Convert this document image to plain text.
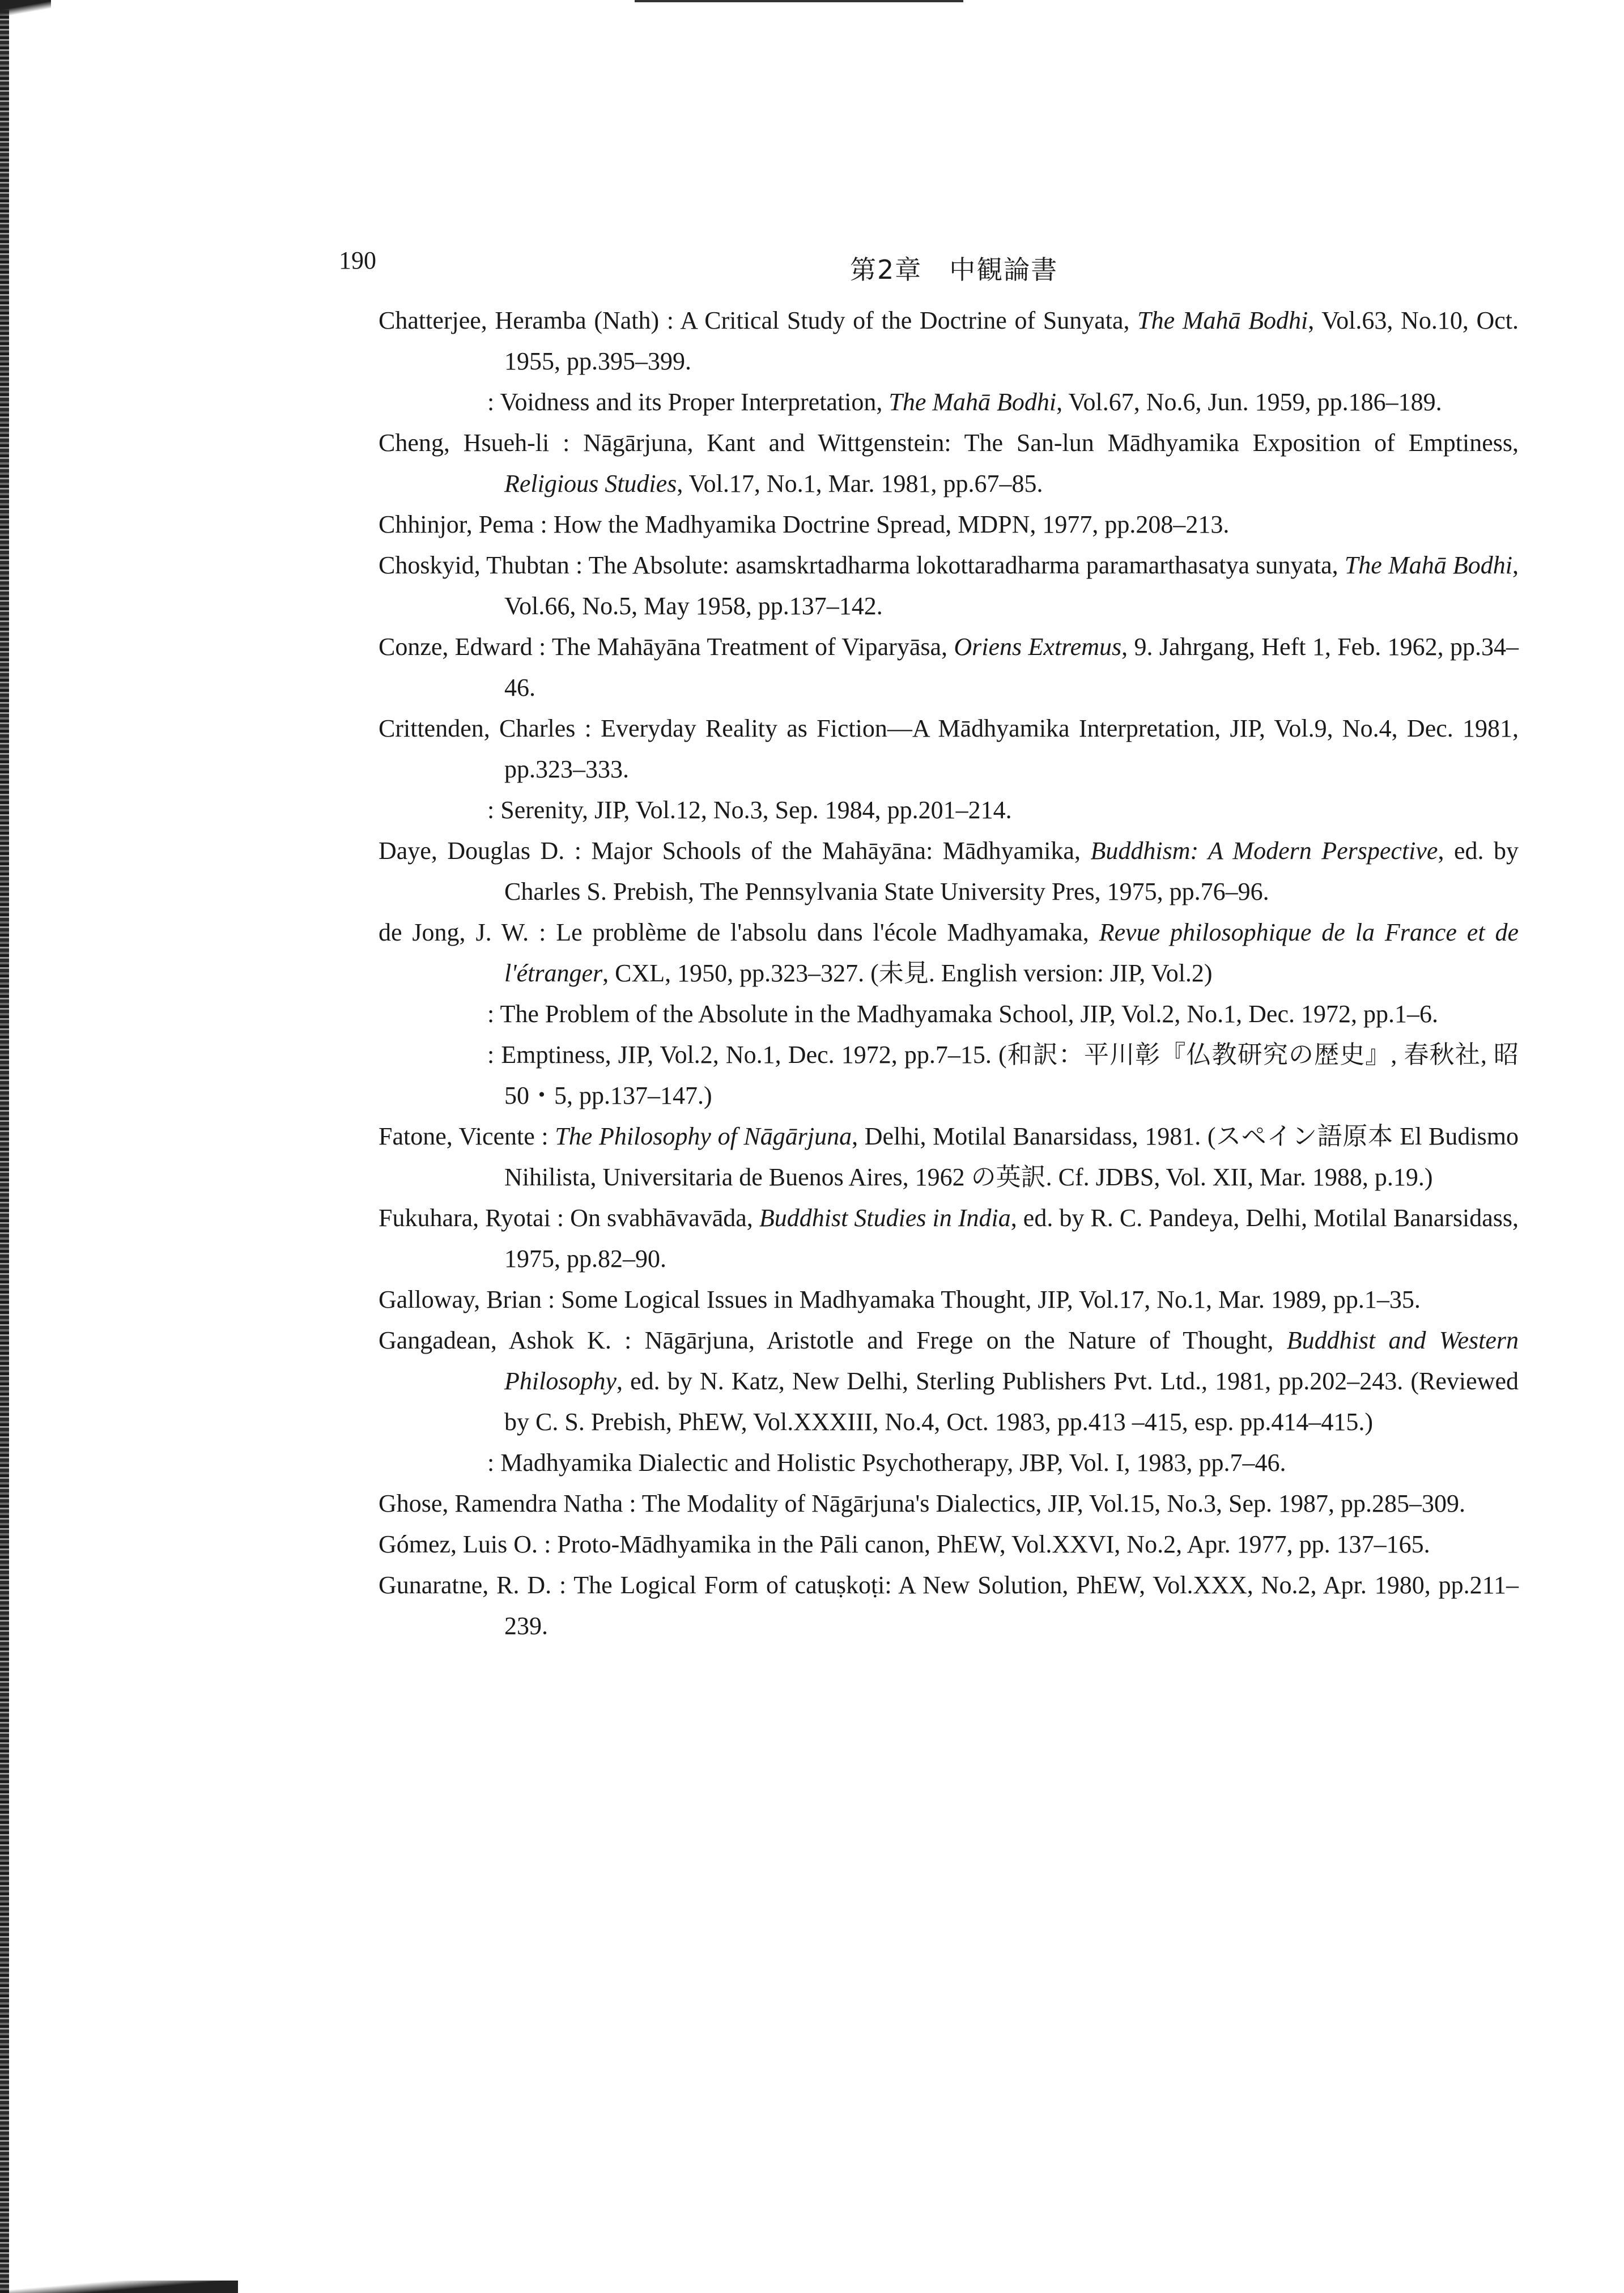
190	第2章　中観論書
Chatterjee, Heramba (Nath) : A Critical Study of the Doctrine of Sunyata, The Mahā Bodhi, Vol.63, No.10, Oct. 1955, pp.395–399.
: Voidness and its Proper Interpretation, The Mahā Bodhi, Vol.67, No.6, Jun. 1959, pp.186–189.
Cheng, Hsueh-li : Nāgārjuna, Kant and Wittgenstein: The San-lun Mādhyamika Exposition of Emptiness, Religious Studies, Vol.17, No.1, Mar. 1981, pp.67–85.
Chhinjor, Pema : How the Madhyamika Doctrine Spread, MDPN, 1977, pp.208–213.
Choskyid, Thubtan : The Absolute: asamskrtadharma lokottaradharma paramarthasatya sunyata, The Mahā Bodhi, Vol.66, No.5, May 1958, pp.137–142.
Conze, Edward : The Mahāyāna Treatment of Viparyāsa, Oriens Extremus, 9. Jahrgang, Heft 1, Feb. 1962, pp.34–46.
Crittenden, Charles : Everyday Reality as Fiction—A Mādhyamika Interpretation, JIP, Vol.9, No.4, Dec. 1981, pp.323–333.
: Serenity, JIP, Vol.12, No.3, Sep. 1984, pp.201–214.
Daye, Douglas D. : Major Schools of the Mahāyāna: Mādhyamika, Buddhism: A Modern Perspective, ed. by Charles S. Prebish, The Pennsylvania State University Pres, 1975, pp.76–96.
de Jong, J. W. : Le problème de l'absolu dans l'école Madhyamaka, Revue philosophique de la France et de l'étranger, CXL, 1950, pp.323–327. (未見. English version: JIP, Vol.2)
: The Problem of the Absolute in the Madhyamaka School, JIP, Vol.2, No.1, Dec. 1972, pp.1–6.
: Emptiness, JIP, Vol.2, No.1, Dec. 1972, pp.7–15. (和訳：平川彰『仏教研究の歴史』, 春秋社, 昭50・5, pp.137–147.)
Fatone, Vicente : The Philosophy of Nāgārjuna, Delhi, Motilal Banarsidass, 1981. (スペイン語原本 El Budismo Nihilista, Universitaria de Buenos Aires, 1962 の英訳. Cf. JDBS, Vol. XII, Mar. 1988, p.19.)
Fukuhara, Ryotai : On svabhāvavāda, Buddhist Studies in India, ed. by R. C. Pandeya, Delhi, Motilal Banarsidass, 1975, pp.82–90.
Galloway, Brian : Some Logical Issues in Madhyamaka Thought, JIP, Vol.17, No.1, Mar. 1989, pp.1–35.
Gangadean, Ashok K. : Nāgārjuna, Aristotle and Frege on the Nature of Thought, Buddhist and Western Philosophy, ed. by N. Katz, New Delhi, Sterling Publishers Pvt. Ltd., 1981, pp.202–243. (Reviewed by C. S. Prebish, PhEW, Vol.XXXIII, No.4, Oct. 1983, pp.413 –415, esp. pp.414–415.)
: Madhyamika Dialectic and Holistic Psychotherapy, JBP, Vol. I, 1983, pp.7–46.
Ghose, Ramendra Natha : The Modality of Nāgārjuna's Dialectics, JIP, Vol.15, No.3, Sep. 1987, pp.285–309.
Gómez, Luis O. : Proto-Mādhyamika in the Pāli canon, PhEW, Vol.XXVI, No.2, Apr. 1977, pp. 137–165.
Gunaratne, R. D. : The Logical Form of catuṣkoṭi: A New Solution, PhEW, Vol.XXX, No.2, Apr. 1980, pp.211–239.
